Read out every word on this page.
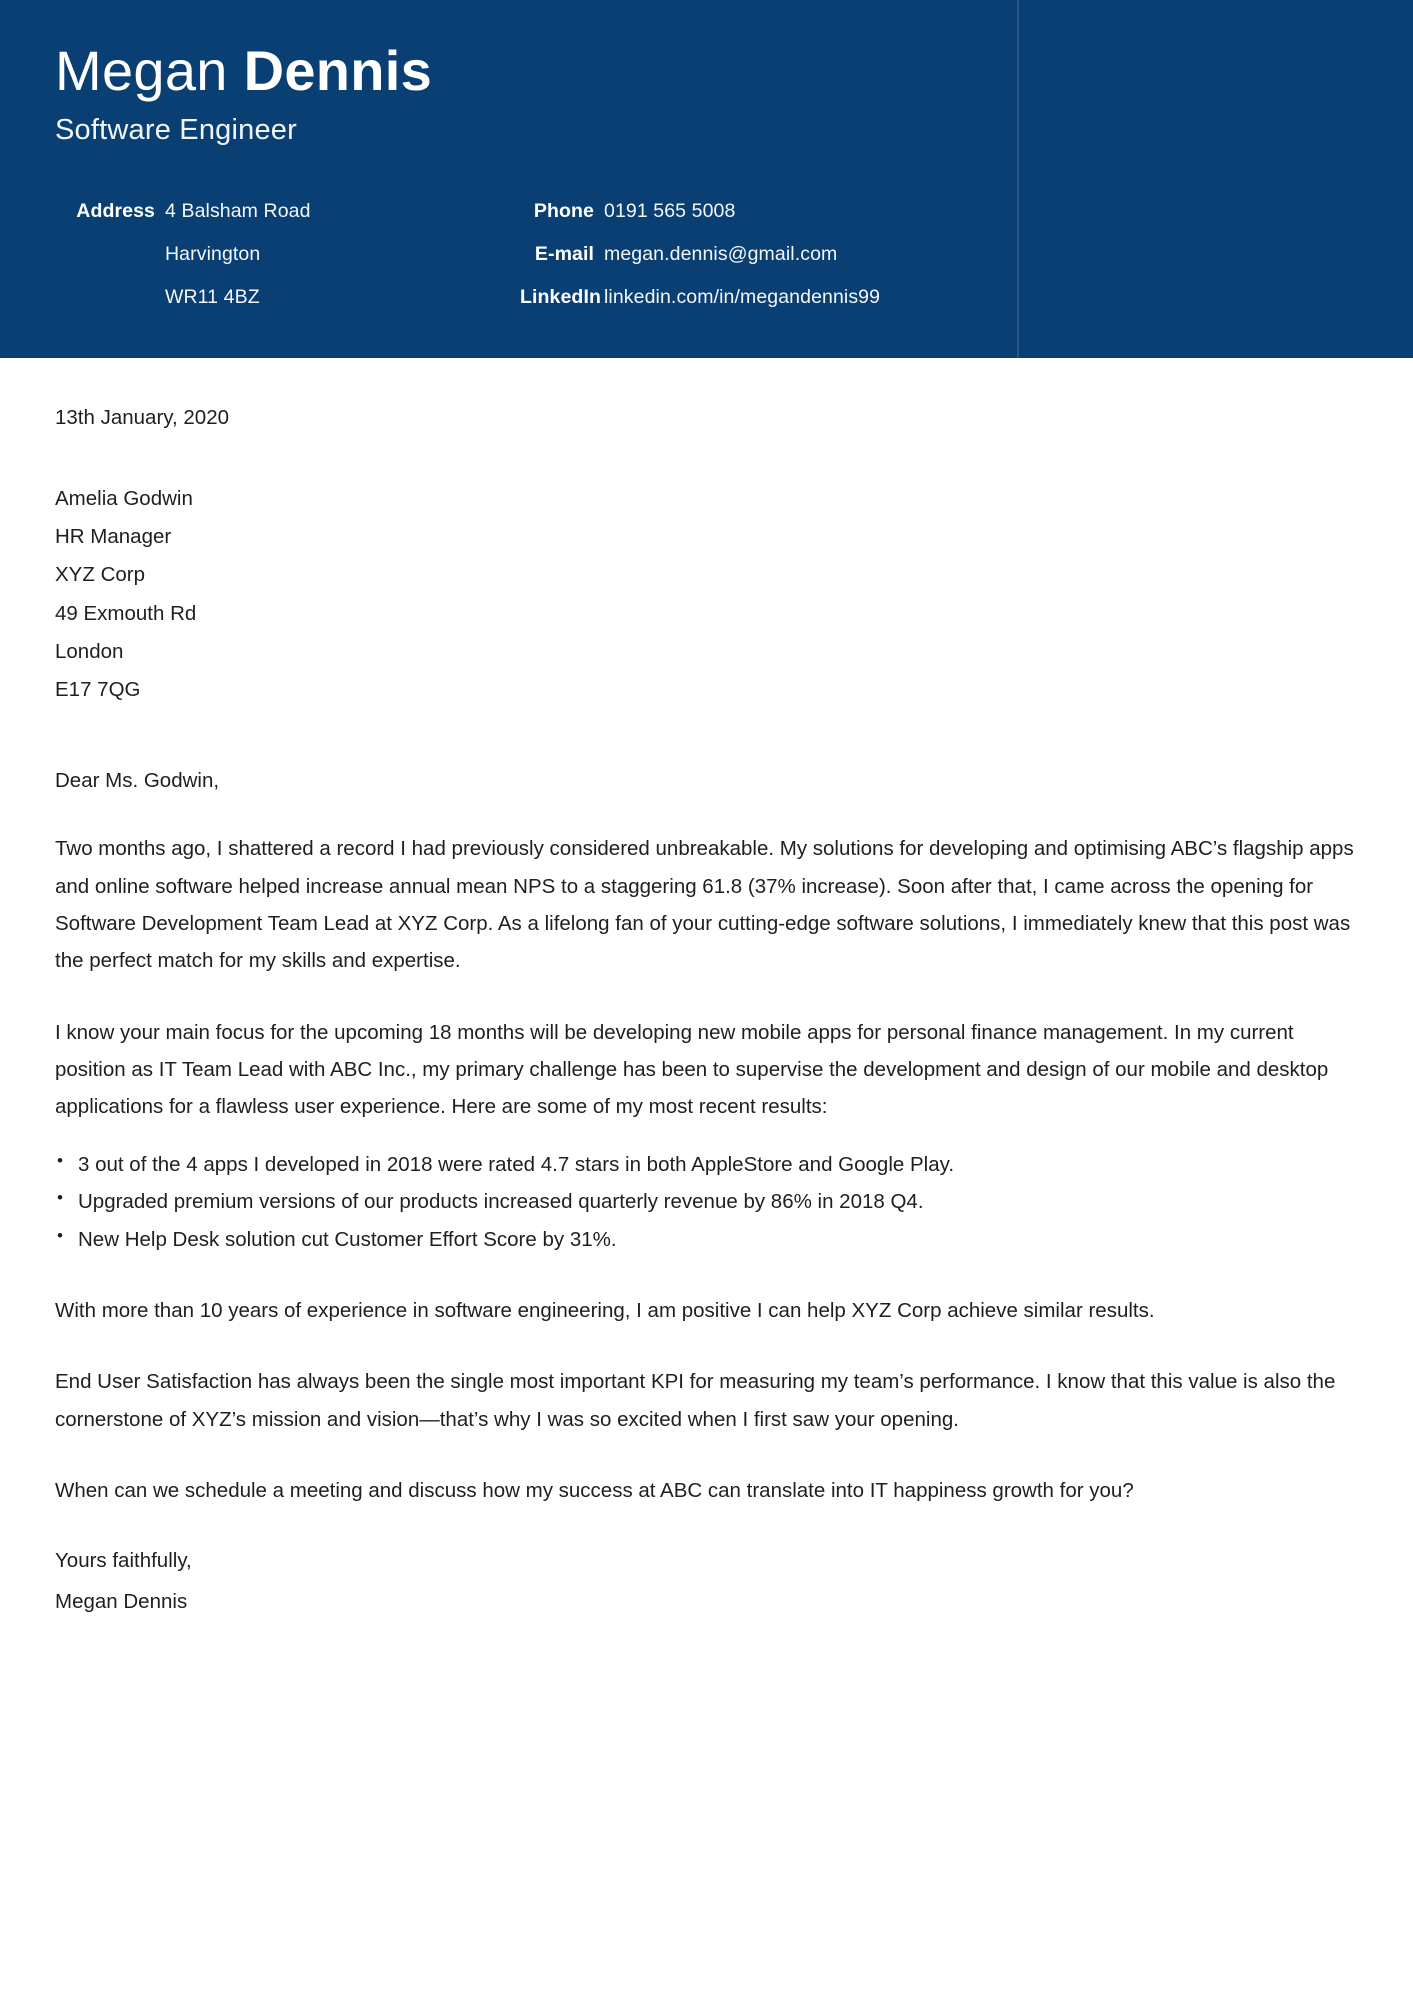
Megan Dennis
Software Engineer
Address 4 Balsham Road
Harvington
WR11 4BZ
Phone 0191 565 5008
E-mail megan.dennis@gmail.com
LinkedIn linkedin.com/in/megandennis99
13th January, 2020
Amelia Godwin
HR Manager
XYZ Corp
49 Exmouth Rd
London
E17 7QG
Dear Ms. Godwin,

Two months ago, I shattered a record I had previously considered unbreakable. My solutions for developing and optimising ABC’s flagship apps and online software helped increase annual mean NPS to a staggering 61.8 (37% increase). Soon after that, I came across the opening for Software Development Team Lead at XYZ Corp. As a lifelong fan of your cutting-edge software solutions, I immediately knew that this post was the perfect match for my skills and expertise.

I know your main focus for the upcoming 18 months will be developing new mobile apps for personal finance management. In my current position as IT Team Lead with ABC Inc., my primary challenge has been to supervise the development and design of our mobile and desktop applications for a flawless user experience. Here are some of my most recent results:

• 3 out of the 4 apps I developed in 2018 were rated 4.7 stars in both AppleStore and Google Play.
• Upgraded premium versions of our products increased quarterly revenue by 86% in 2018 Q4.
• New Help Desk solution cut Customer Effort Score by 31%.

With more than 10 years of experience in software engineering, I am positive I can help XYZ Corp achieve similar results.

End User Satisfaction has always been the single most important KPI for measuring my team’s performance. I know that this value is also the cornerstone of XYZ’s mission and vision—that’s why I was so excited when I first saw your opening.

When can we schedule a meeting and discuss how my success at ABC can translate into IT happiness growth for you?

Yours faithfully,
Megan Dennis
